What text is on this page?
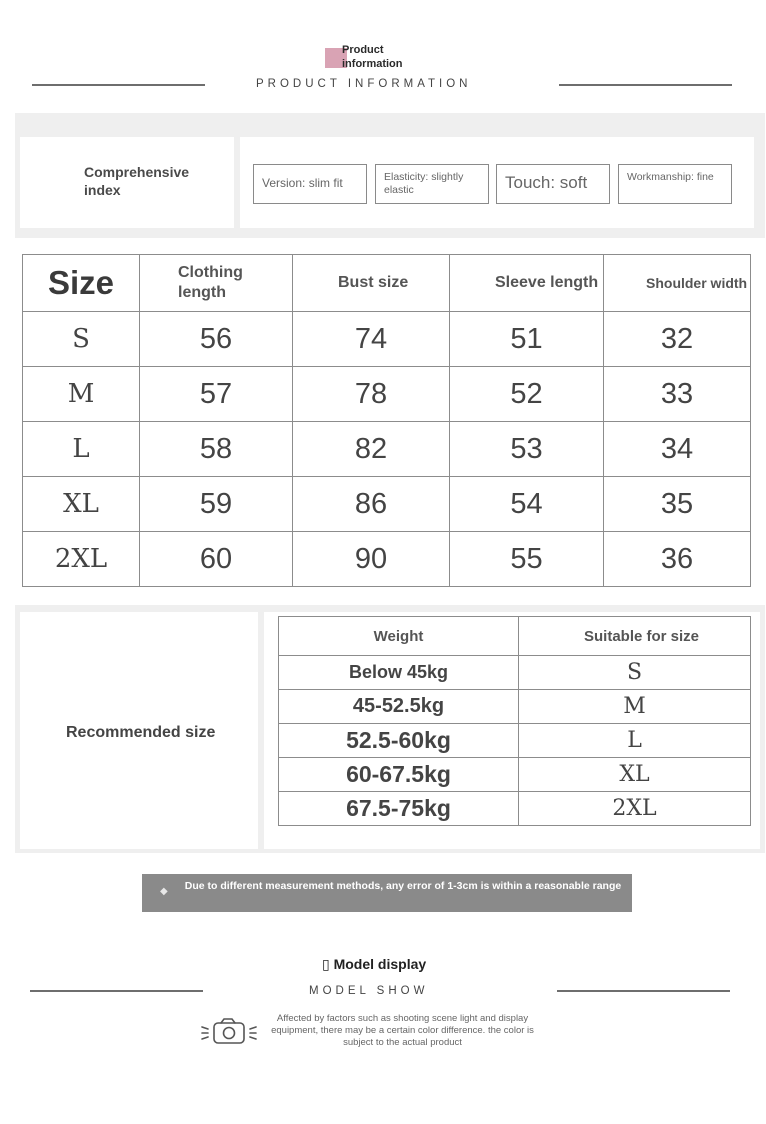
Product information
PRODUCT INFORMATION
Comprehensive index	Version: slim fit	Elasticity: slightly elastic	Touch: soft	Workmanship: fine
Size	Clothing length	Bust size	Sleeve length	Shoulder width
S	56	74	51	32
M	57	78	52	33
L	58	82	53	34
XL	59	86	54	35
2XL	60	90	55	36
Recommended size
Weight	Suitable for size
Below 45kg	S
45-52.5kg	M
52.5-60kg	L
60-67.5kg	XL
67.5-75kg	2XL
◆	Due to different measurement methods, any error of 1-3cm is within a reasonable range
▯ Model display
MODEL SHOW
Affected by factors such as shooting scene light and display equipment, there may be a certain color difference. the color is subject to the actual product
